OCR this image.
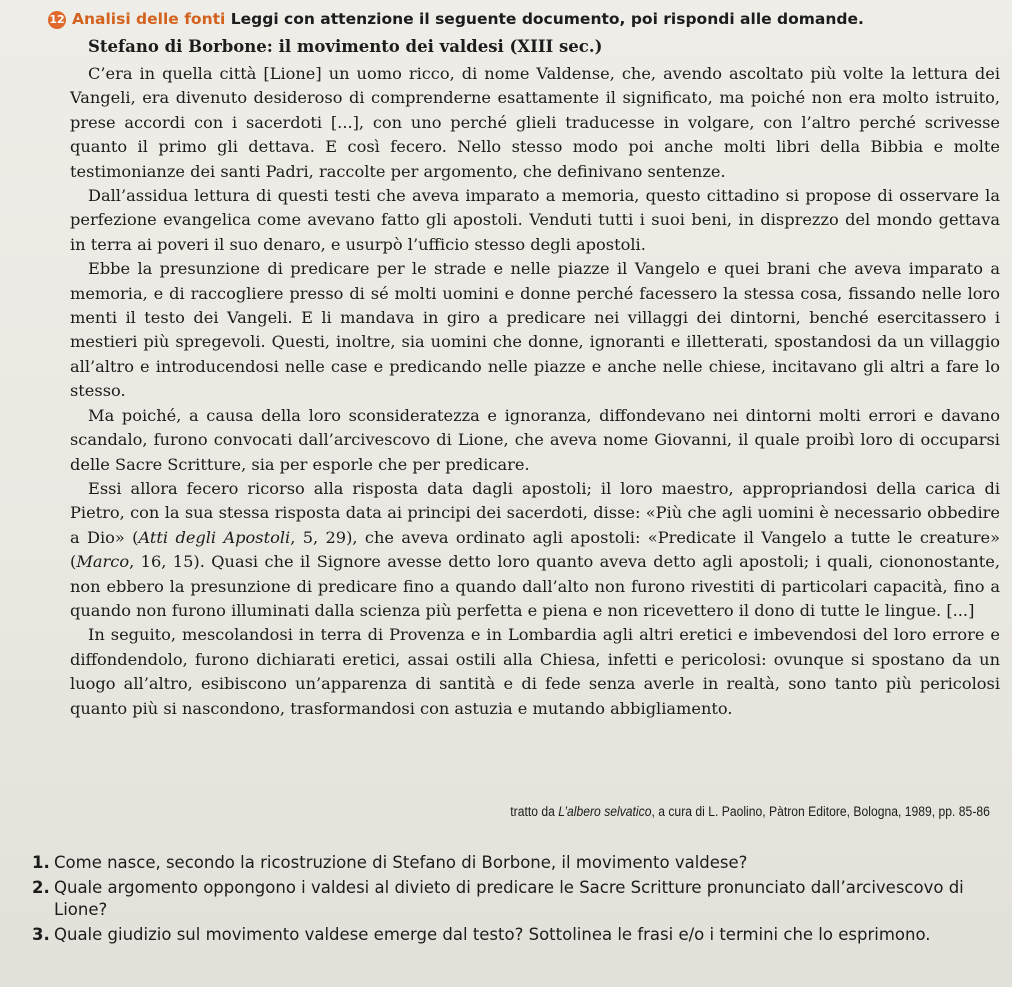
12 Analisi delle fonti Leggi con attenzione il seguente documento, poi rispondi alle domande.
Stefano di Borbone: il movimento dei valdesi (XIII sec.)

C’era in quella città [Lione] un uomo ricco, di nome Valdense, che, avendo ascoltato più volte la lettura dei Vangeli, era divenuto desideroso di comprenderne esattamente il significato, ma poiché non era molto istruito, prese accordi con i sacerdoti [...], con uno perché glieli traducesse in volgare, con l’altro perché scrivesse quanto il primo gli dettava. E così fecero. Nello stesso modo poi anche molti libri della Bibbia e molte testimonianze dei santi Padri, raccolte per argomento, che definivano sentenze.

Dall’assidua lettura di questi testi che aveva imparato a memoria, questo cittadino si propose di osservare la perfezione evangelica come avevano fatto gli apostoli. Venduti tutti i suoi beni, in disprezzo del mondo gettava in terra ai poveri il suo denaro, e usurpò l’ufficio stesso degli apostoli.

Ebbe la presunzione di predicare per le strade e nelle piazze il Vangelo e quei brani che aveva imparato a memoria, e di raccogliere presso di sé molti uomini e donne perché facessero la stessa cosa, fissando nelle loro menti il testo dei Vangeli. E li mandava in giro a predicare nei villaggi dei dintorni, benché esercitassero i mestieri più spregevoli. Questi, inoltre, sia uomini che donne, ignoranti e illetterati, spostandosi da un villaggio all’altro e introducendosi nelle case e predicando nelle piazze e anche nelle chiese, incitavano gli altri a fare lo stesso.

Ma poiché, a causa della loro sconsideratezza e ignoranza, diffondevano nei dintorni molti errori e davano scandalo, furono convocati dall’arcivescovo di Lione, che aveva nome Giovanni, il quale proibì loro di occuparsi delle Sacre Scritture, sia per esporle che per predicare.

Essi allora fecero ricorso alla risposta data dagli apostoli; il loro maestro, appropriandosi della carica di Pietro, con la sua stessa risposta data ai principi dei sacerdoti, disse: «Più che agli uomini è necessario obbedire a Dio» (Atti degli Apostoli, 5, 29), che aveva ordinato agli apostoli: «Predicate il Vangelo a tutte le creature» (Marco, 16, 15). Quasi che il Signore avesse detto loro quanto aveva detto agli apostoli; i quali, ciononostante, non ebbero la presunzione di predicare fino a quando dall’alto non furono rivestiti di particolari capacità, fino a quando non furono illuminati dalla scienza più perfetta e piena e non ricevettero il dono di tutte le lingue. [...]

In seguito, mescolandosi in terra di Provenza e in Lombardia agli altri eretici e imbevendosi del loro errore e diffondendolo, furono dichiarati eretici, assai ostili alla Chiesa, infetti e pericolosi: ovunque si spostano da un luogo all’altro, esibiscono un’apparenza di santità e di fede senza averle in realtà, sono tanto più pericolosi quanto più si nascondono, trasformandosi con astuzia e mutando abbigliamento.

tratto da L’albero selvatico, a cura di L. Paolino, Pàtron Editore, Bologna, 1989, pp. 85-86
1. Come nasce, secondo la ricostruzione di Stefano di Borbone, il movimento valdese?
2. Quale argomento oppongono i valdesi al divieto di predicare le Sacre Scritture pronunciato dall’arcivescovo di Lione?
3. Quale giudizio sul movimento valdese emerge dal testo? Sottolinea le frasi e/o i termini che lo esprimono.
